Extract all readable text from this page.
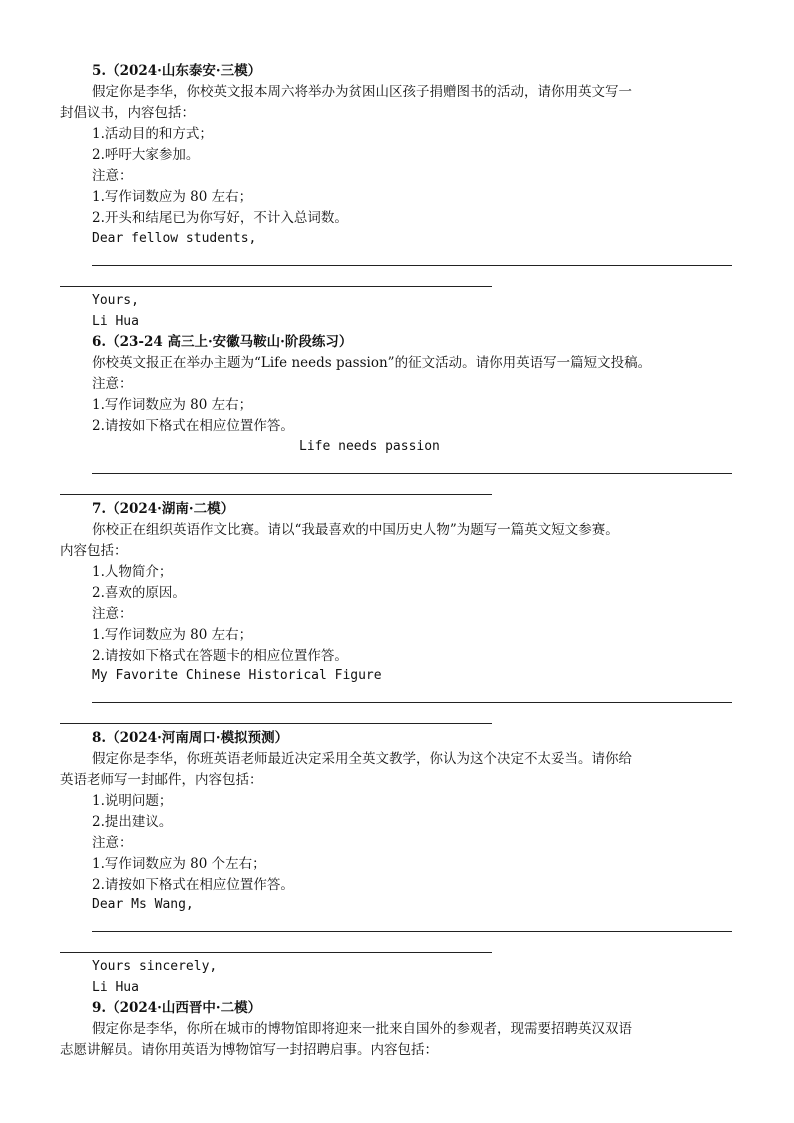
5.（2024·山东泰安·三模）
假定你是李华，你校英文报本周六将举办为贫困山区孩子捐赠图书的活动，请你用英文写一
封倡议书，内容包括：
1.活动目的和方式；
2.呼吁大家参加。
注意：
1.写作词数应为 80 左右；
2.开头和结尾已为你写好，不计入总词数。
Dear fellow students,
Yours,
Li Hua
6.（23-24 高三上·安徽马鞍山·阶段练习）
你校英文报正在举办主题为“Life needs passion”的征文活动。请你用英语写一篇短文投稿。
注意：
1.写作词数应为 80 左右；
2.请按如下格式在相应位置作答。
Life needs passion
7.（2024·湖南·二模）
你校正在组织英语作文比赛。请以“我最喜欢的中国历史人物”为题写一篇英文短文参赛。
内容包括：
1.人物简介；
2.喜欢的原因。
注意：
1.写作词数应为 80 左右；
2.请按如下格式在答题卡的相应位置作答。
My Favorite Chinese Historical Figure
8.（2024·河南周口·模拟预测）
假定你是李华，你班英语老师最近决定采用全英文教学，你认为这个决定不太妥当。请你给
英语老师写一封邮件，内容包括：
1.说明问题；
2.提出建议。
注意：
1.写作词数应为 80 个左右；
2.请按如下格式在相应位置作答。
Dear Ms Wang,
Yours sincerely,
Li Hua
9.（2024·山西晋中·二模）
假定你是李华，你所在城市的博物馆即将迎来一批来自国外的参观者，现需要招聘英汉双语
志愿讲解员。请你用英语为博物馆写一封招聘启事。内容包括：
